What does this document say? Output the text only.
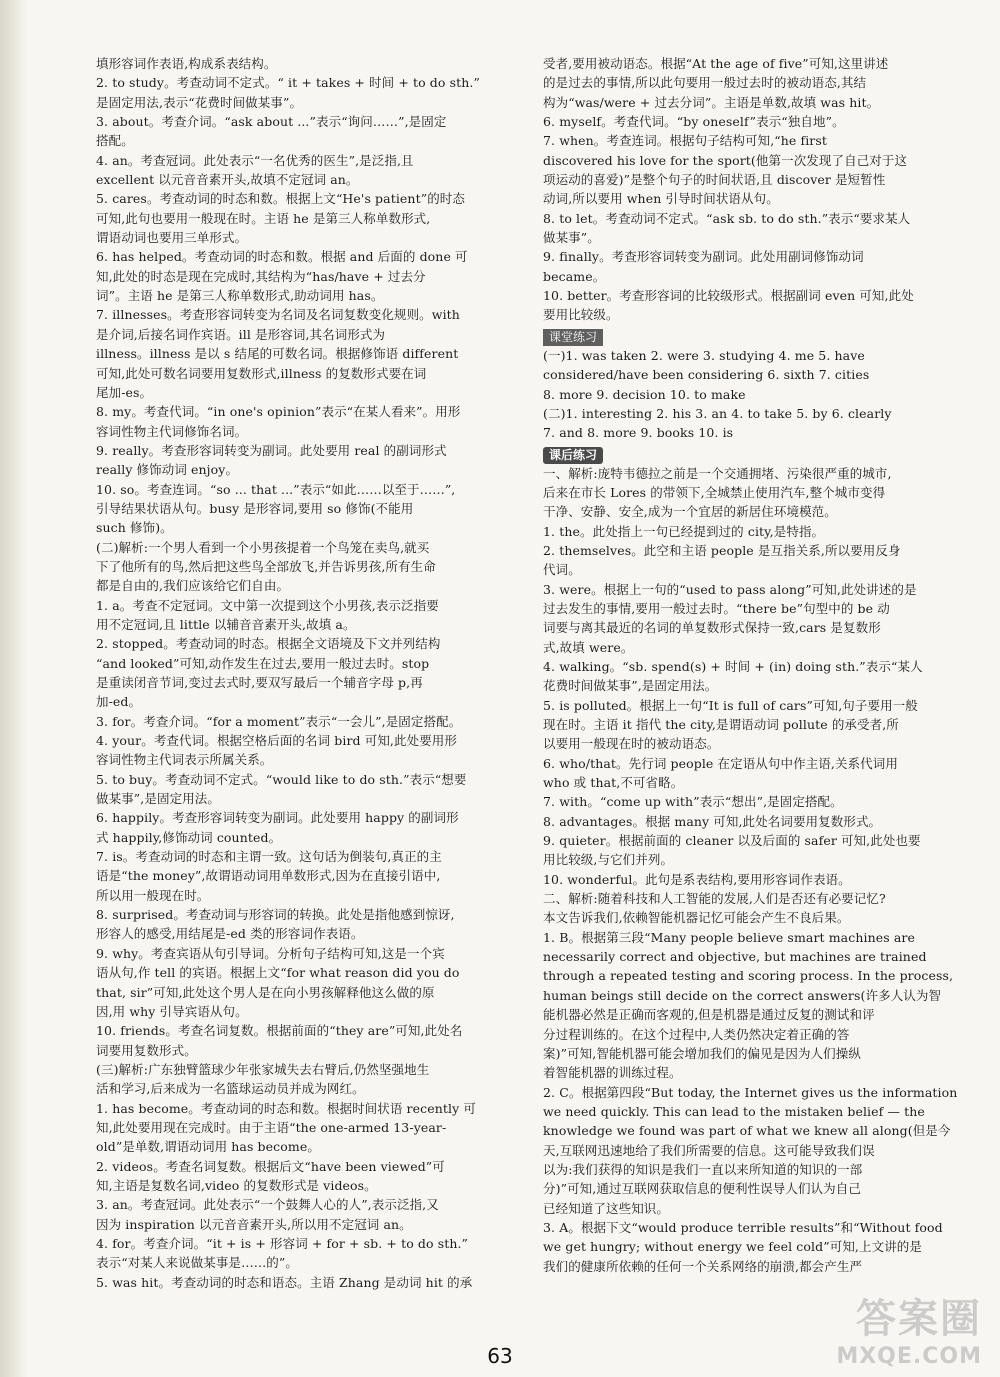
填形容词作表语,构成系表结构。
2. to study。考查动词不定式。“ it + takes + 时间 + to do sth.”
是固定用法,表示“花费时间做某事”。
3. about。考查介词。“ask about ...”表示“询问……”,是固定
搭配。
4. an。考查冠词。此处表示“一名优秀的医生”,是泛指,且
excellent 以元音音素开头,故填不定冠词 an。
5. cares。考查动词的时态和数。根据上文“He's patient”的时态
可知,此句也要用一般现在时。主语 he 是第三人称单数形式,
谓语动词也要用三单形式。
6. has helped。考查动词的时态和数。根据 and 后面的 done 可
知,此处的时态是现在完成时,其结构为“has/have + 过去分
词”。主语 he 是第三人称单数形式,助动词用 has。
7. illnesses。考查形容词转变为名词及名词复数变化规则。with
是介词,后接名词作宾语。ill 是形容词,其名词形式为
illness。illness 是以 s 结尾的可数名词。根据修饰语 different
可知,此处可数名词要用复数形式,illness 的复数形式要在词
尾加-es。
8. my。考查代词。“in one's opinion”表示“在某人看来”。用形
容词性物主代词修饰名词。
9. really。考查形容词转变为副词。此处要用 real 的副词形式
really 修饰动词 enjoy。
10. so。考查连词。“so ... that ...”表示“如此……以至于……”,
引导结果状语从句。busy 是形容词,要用 so 修饰(不能用
such 修饰)。
(二)解析:一个男人看到一个小男孩提着一个鸟笼在卖鸟,就买
下了他所有的鸟,然后把这些鸟全部放飞,并告诉男孩,所有生命
都是自由的,我们应该给它们自由。
1. a。考查不定冠词。文中第一次提到这个小男孩,表示泛指要
用不定冠词,且 little 以辅音音素开头,故填 a。
2. stopped。考查动词的时态。根据全文语境及下文并列结构
“and looked”可知,动作发生在过去,要用一般过去时。stop
是重读闭音节词,变过去式时,要双写最后一个辅音字母 p,再
加-ed。
3. for。考查介词。“for a moment”表示“一会儿”,是固定搭配。
4. your。考查代词。根据空格后面的名词 bird 可知,此处要用形
容词性物主代词表示所属关系。
5. to buy。考查动词不定式。“would like to do sth.”表示“想要
做某事”,是固定用法。
6. happily。考查形容词转变为副词。此处要用 happy 的副词形
式 happily,修饰动词 counted。
7. is。考查动词的时态和主谓一致。这句话为倒装句,真正的主
语是“the money”,故谓语动词用单数形式,因为在直接引语中,
所以用一般现在时。
8. surprised。考查动词与形容词的转换。此处是指他感到惊讶,
形容人的感受,用结尾是-ed 类的形容词作表语。
9. why。考查宾语从句引导词。分析句子结构可知,这是一个宾
语从句,作 tell 的宾语。根据上文“for what reason did you do
that, sir”可知,此处这个男人是在向小男孩解释他这么做的原
因,用 why 引导宾语从句。
10. friends。考查名词复数。根据前面的“they are”可知,此处名
词要用复数形式。
(三)解析:广东独臂篮球少年张家城失去右臂后,仍然坚强地生
活和学习,后来成为一名篮球运动员并成为网红。
1. has become。考查动词的时态和数。根据时间状语 recently 可
知,此处要用现在完成时。由于主语“the one-armed 13-year-
old”是单数,谓语动词用 has become。
2. videos。考查名词复数。根据后文“have been viewed”可
知,主语是复数名词,video 的复数形式是 videos。
3. an。考查冠词。此处表示“一个鼓舞人心的人”,表示泛指,又
因为 inspiration 以元音音素开头,所以用不定冠词 an。
4. for。考查介词。“it + is + 形容词 + for + sb. + to do sth.”
表示“对某人来说做某事是……的”。
5. was hit。考查动词的时态和语态。主语 Zhang 是动词 hit 的承
受者,要用被动语态。根据“At the age of five”可知,这里讲述
的是过去的事情,所以此句要用一般过去时的被动语态,其结
构为“was/were + 过去分词”。主语是单数,故填 was hit。
6. myself。考查代词。“by oneself”表示“独自地”。
7. when。考查连词。根据句子结构可知,“he first
discovered his love for the sport(他第一次发现了自己对于这
项运动的喜爱)”是整个句子的时间状语,且 discover 是短暂性
动词,所以要用 when 引导时间状语从句。
8. to let。考查动词不定式。“ask sb. to do sth.”表示“要求某人
做某事”。
9. finally。考查形容词转变为副词。此处用副词修饰动词
became。
10. better。考查形容词的比较级形式。根据副词 even 可知,此处
要用比较级。
课堂练习
(一)1. was taken 2. were 3. studying 4. me 5. have
considered/have been considering 6. sixth 7. cities
8. more 9. decision 10. to make
(二)1. interesting 2. his 3. an 4. to take 5. by 6. clearly
7. and 8. more 9. books 10. is
课后练习
一、解析:庞特韦德拉之前是一个交通拥堵、污染很严重的城市,
后来在市长 Lores 的带领下,全城禁止使用汽车,整个城市变得
干净、安静、安全,成为一个宜居的新居住环境模范。
1. the。此处指上一句已经提到过的 city,是特指。
2. themselves。此空和主语 people 是互指关系,所以要用反身
代词。
3. were。根据上一句的“used to pass along”可知,此处讲述的是
过去发生的事情,要用一般过去时。“there be”句型中的 be 动
词要与离其最近的名词的单复数形式保持一致,cars 是复数形
式,故填 were。
4. walking。“sb. spend(s) + 时间 + (in) doing sth.”表示“某人
花费时间做某事”,是固定用法。
5. is polluted。根据上一句“It is full of cars”可知,句子要用一般
现在时。主语 it 指代 the city,是谓语动词 pollute 的承受者,所
以要用一般现在时的被动语态。
6. who/that。先行词 people 在定语从句中作主语,关系代词用
who 或 that,不可省略。
7. with。“come up with”表示“想出”,是固定搭配。
8. advantages。根据 many 可知,此处名词要用复数形式。
9. quieter。根据前面的 cleaner 以及后面的 safer 可知,此处也要
用比较级,与它们并列。
10. wonderful。此句是系表结构,要用形容词作表语。
二、解析:随着科技和人工智能的发展,人们是否还有必要记忆?
本文告诉我们,依赖智能机器记忆可能会产生不良后果。
1. B。根据第三段“Many people believe smart machines are
necessarily correct and objective, but machines are trained
through a repeated testing and scoring process. In the process,
human beings still decide on the correct answers(许多人认为智
能机器必然是正确而客观的,但是机器是通过反复的测试和评
分过程训练的。在这个过程中,人类仍然决定着正确的答
案)”可知,智能机器可能会增加我们的偏见是因为人们操纵
着智能机器的训练过程。
2. C。根据第四段“But today, the Internet gives us the information
we need quickly. This can lead to the mistaken belief — the
knowledge we found was part of what we knew all along(但是今
天,互联网迅速地给了我们所需要的信息。这可能导致我们误
以为:我们获得的知识是我们一直以来所知道的知识的一部
分)”可知,通过互联网获取信息的便利性误导人们认为自己
已经知道了这些知识。
3. A。根据下文“would produce terrible results”和“Without food
we get hungry; without energy we feel cold”可知,上文讲的是
我们的健康所依赖的任何一个关系网络的崩溃,都会产生严
63
答案圈
MXQE.COM
